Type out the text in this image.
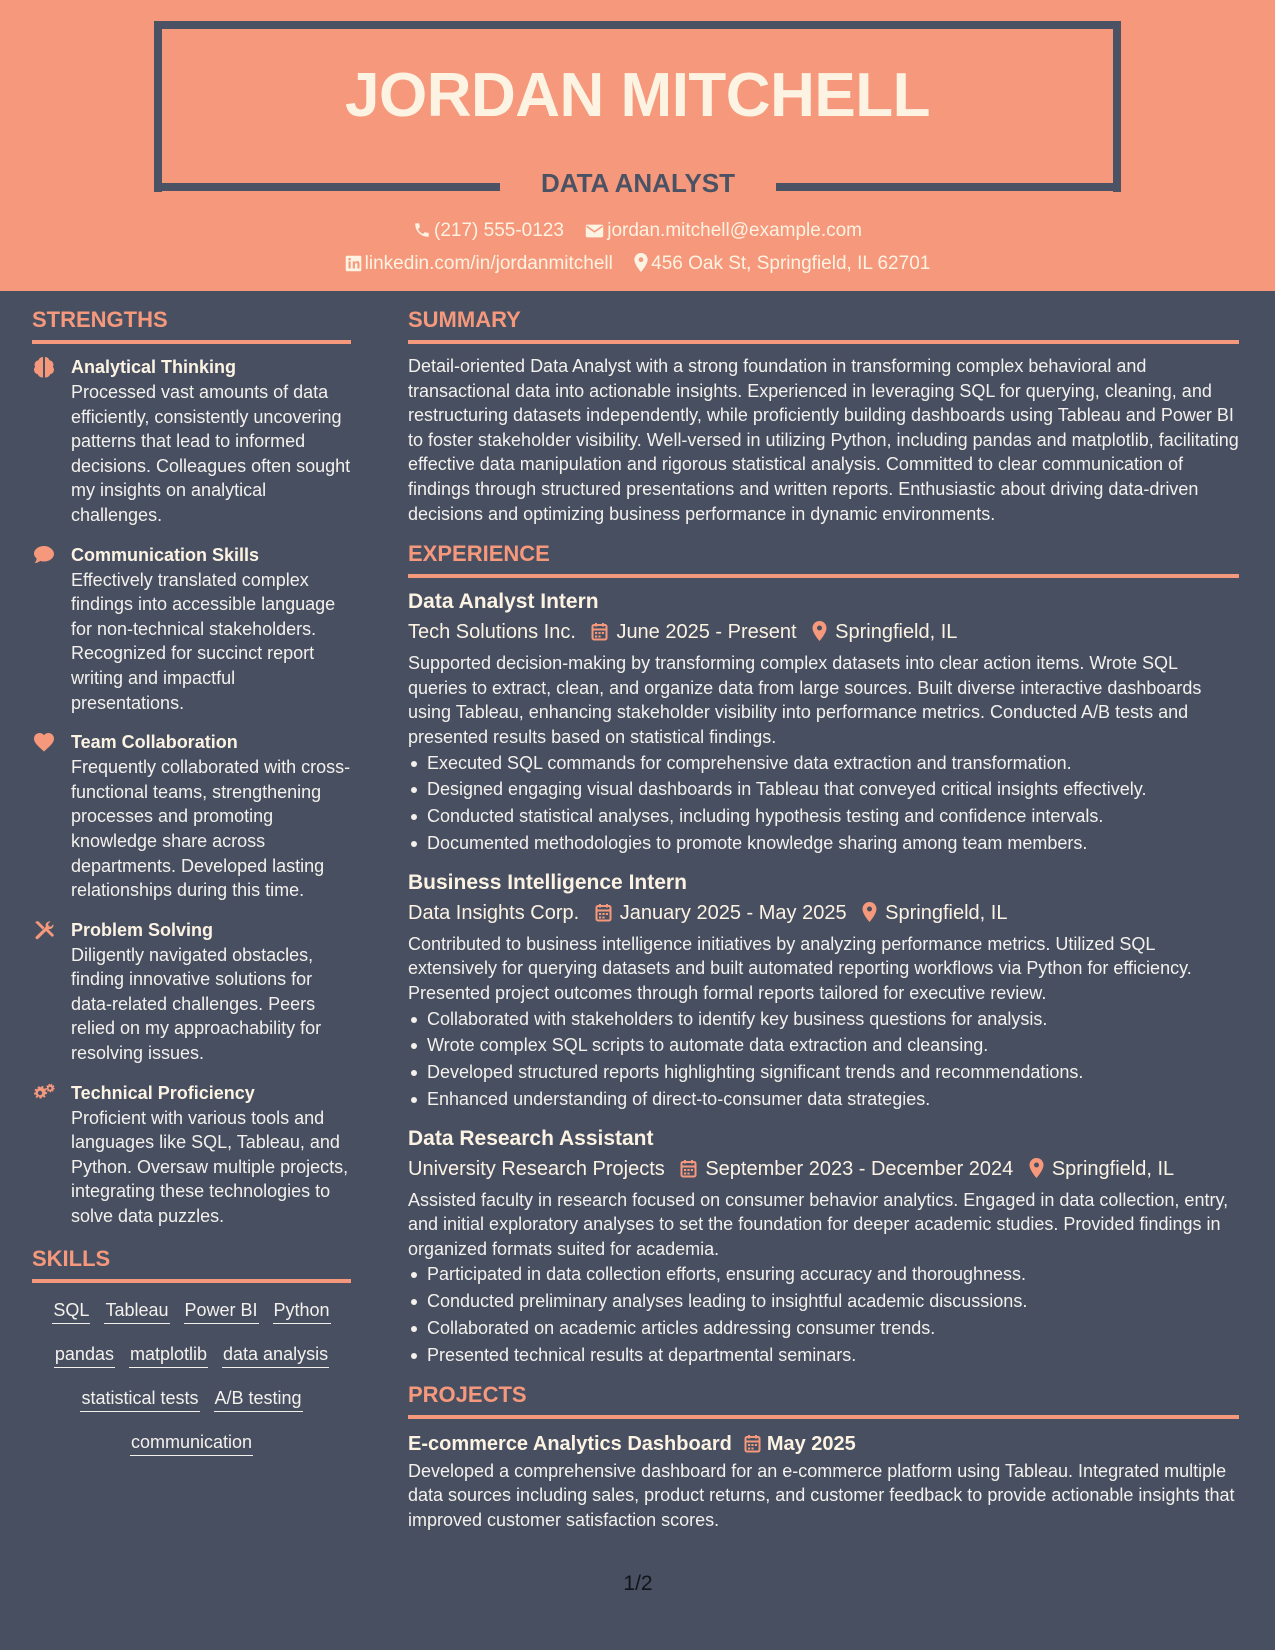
JORDAN MITCHELL
DATA ANALYST
(217) 555-0123 jordan.mitchell@example.com
linkedin.com/in/jordanmitchell 456 Oak St, Springfield, IL 62701
STRENGTHS
Analytical Thinking
Processed vast amounts of data efficiently, consistently uncovering patterns that lead to informed decisions. Colleagues often sought my insights on analytical challenges.
Communication Skills
Effectively translated complex findings into accessible language for non-technical stakeholders. Recognized for succinct report writing and impactful presentations.
Team Collaboration
Frequently collaborated with cross-functional teams, strengthening processes and promoting knowledge share across departments. Developed lasting relationships during this time.
Problem Solving
Diligently navigated obstacles, finding innovative solutions for data-related challenges. Peers relied on my approachability for resolving issues.
Technical Proficiency
Proficient with various tools and languages like SQL, Tableau, and Python. Oversaw multiple projects, integrating these technologies to solve data puzzles.
SKILLS
SQL Tableau Power BI Python
pandas matplotlib data analysis
statistical tests A/B testing
communication
SUMMARY
Detail-oriented Data Analyst with a strong foundation in transforming complex behavioral and transactional data into actionable insights. Experienced in leveraging SQL for querying, cleaning, and restructuring datasets independently, while proficiently building dashboards using Tableau and Power BI to foster stakeholder visibility. Well-versed in utilizing Python, including pandas and matplotlib, facilitating effective data manipulation and rigorous statistical analysis. Committed to clear communication of findings through structured presentations and written reports. Enthusiastic about driving data-driven decisions and optimizing business performance in dynamic environments.
EXPERIENCE
Data Analyst Intern
Tech Solutions Inc. June 2025 - Present Springfield, IL
Supported decision-making by transforming complex datasets into clear action items. Wrote SQL queries to extract, clean, and organize data from large sources. Built diverse interactive dashboards using Tableau, enhancing stakeholder visibility into performance metrics. Conducted A/B tests and presented results based on statistical findings.
Executed SQL commands for comprehensive data extraction and transformation.
Designed engaging visual dashboards in Tableau that conveyed critical insights effectively.
Conducted statistical analyses, including hypothesis testing and confidence intervals.
Documented methodologies to promote knowledge sharing among team members.
Business Intelligence Intern
Data Insights Corp. January 2025 - May 2025 Springfield, IL
Contributed to business intelligence initiatives by analyzing performance metrics. Utilized SQL extensively for querying datasets and built automated reporting workflows via Python for efficiency. Presented project outcomes through formal reports tailored for executive review.
Collaborated with stakeholders to identify key business questions for analysis.
Wrote complex SQL scripts to automate data extraction and cleansing.
Developed structured reports highlighting significant trends and recommendations.
Enhanced understanding of direct-to-consumer data strategies.
Data Research Assistant
University Research Projects September 2023 - December 2024 Springfield, IL
Assisted faculty in research focused on consumer behavior analytics. Engaged in data collection, entry, and initial exploratory analyses to set the foundation for deeper academic studies. Provided findings in organized formats suited for academia.
Participated in data collection efforts, ensuring accuracy and thoroughness.
Conducted preliminary analyses leading to insightful academic discussions.
Collaborated on academic articles addressing consumer trends.
Presented technical results at departmental seminars.
PROJECTS
E-commerce Analytics Dashboard May 2025
Developed a comprehensive dashboard for an e-commerce platform using Tableau. Integrated multiple data sources including sales, product returns, and customer feedback to provide actionable insights that improved customer satisfaction scores.
1/2
